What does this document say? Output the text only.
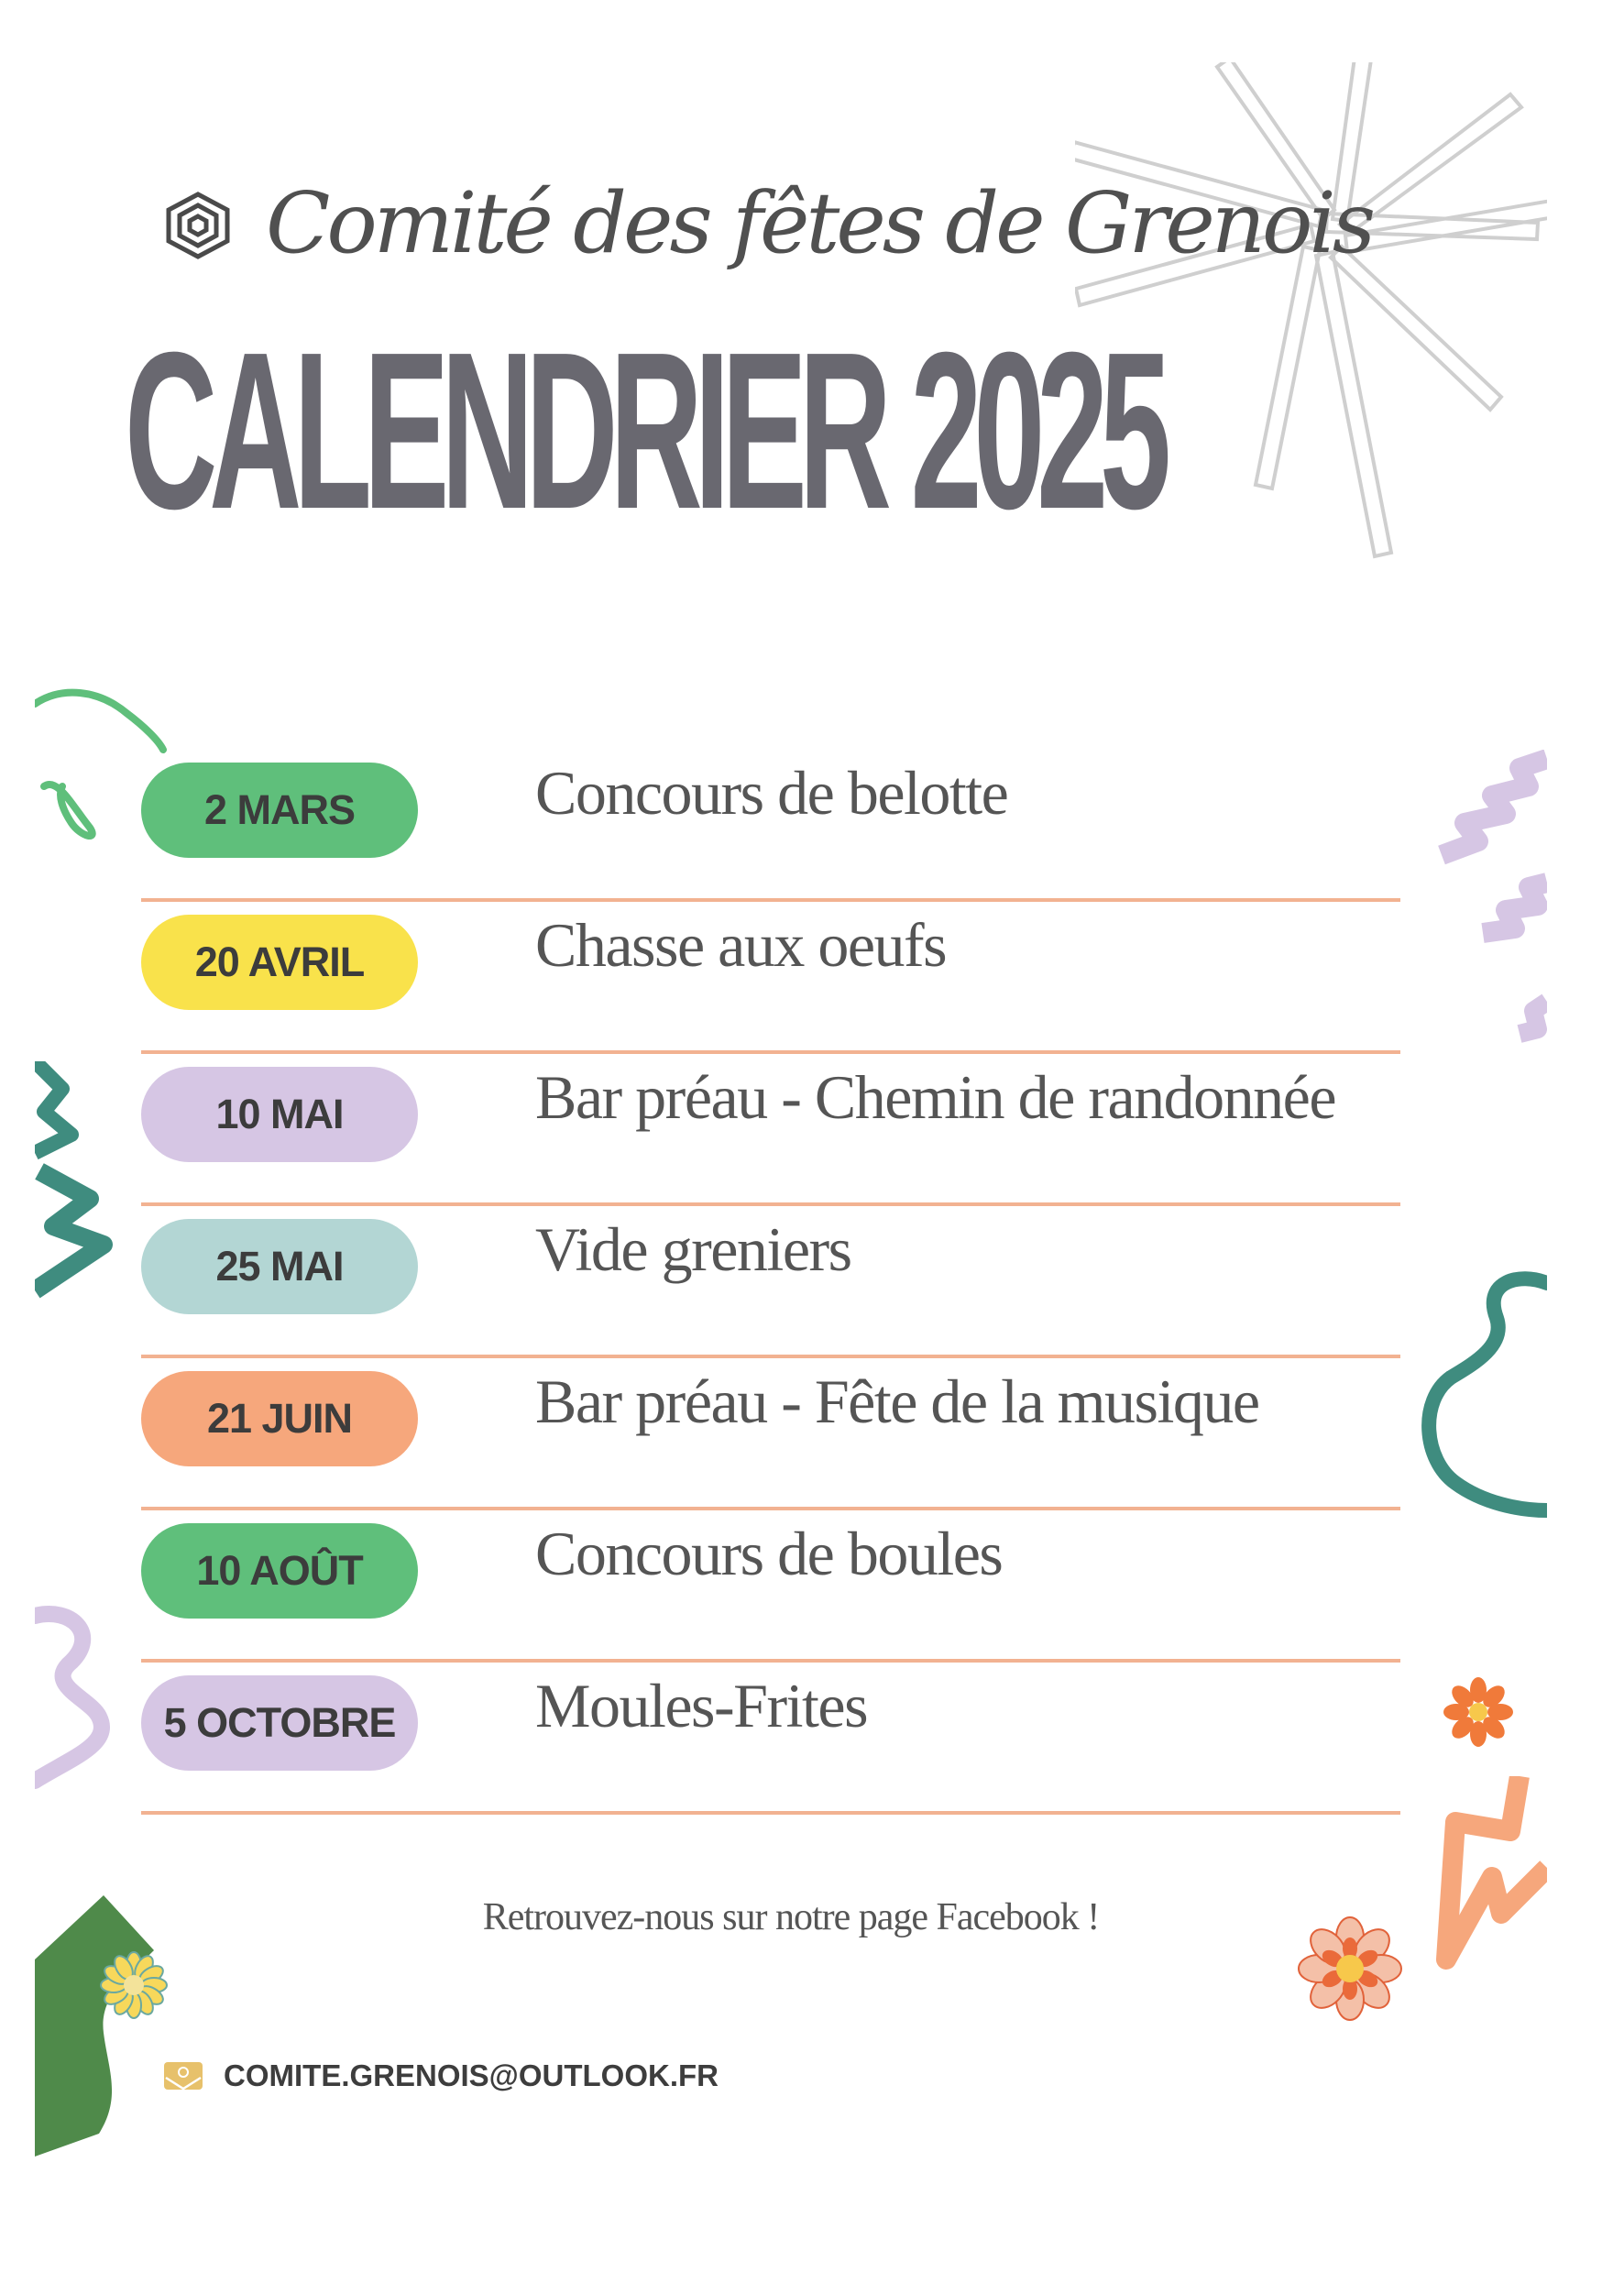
Comité des fêtes de Grenois
CALENDRIER 2025
2 MARS	Concours de belotte
20 AVRIL	Chasse aux oeufs
10 MAI	Bar préau - Chemin de randonnée
25 MAI	Vide greniers
21 JUIN	Bar préau - Fête de la musique
10 AOÛT	Concours de boules
5 OCTOBRE	Moules-Frites
Retrouvez-nous sur notre page Facebook !
COMITE.GRENOIS@OUTLOOK.FR
